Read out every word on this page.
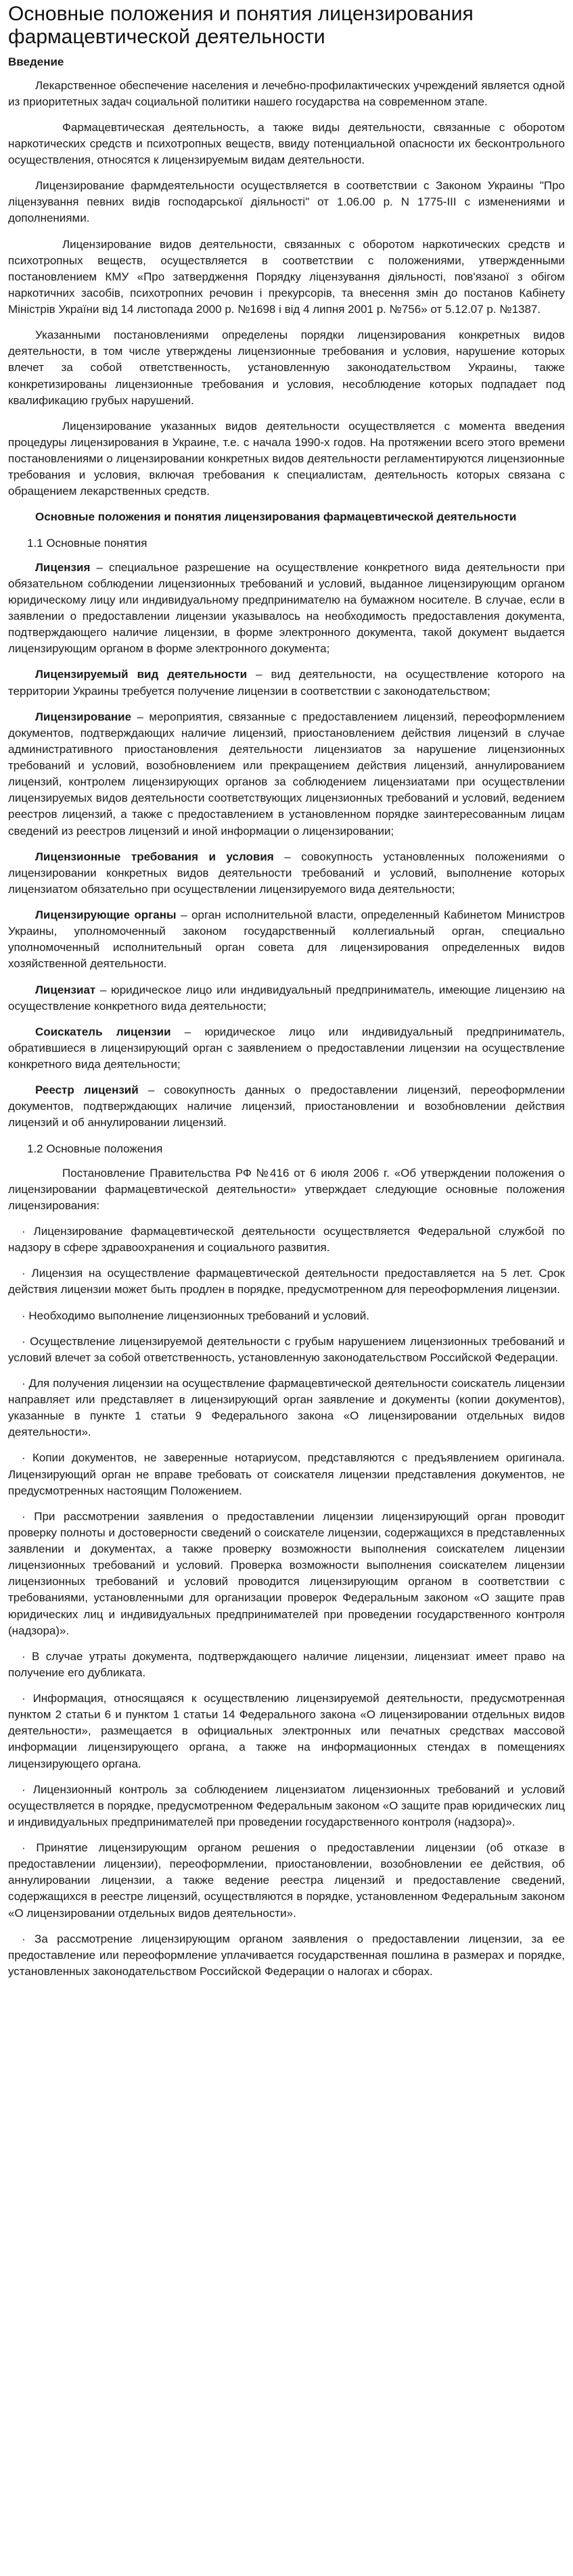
Основные положения и понятия лицензирования фармацевтической деятельности
Введение

Лекарственное обеспечение населения и лечебно-профилактических учреждений является одной из приоритетных задач социальной политики нашего государства на современном этапе.

Фармацевтическая деятельность, а также виды деятельности, связанные с оборотом наркотических средств и психотропных веществ, ввиду потенциальной опасности их бесконтрольного осуществления, относятся к лицензируемым видам деятельности.

Лицензирование фармдеятельности осуществляется в соответствии с Законом Украины "Про ліцензування певних видів господарської діяльності" от 1.06.00 р. N 1775-ІІІ с изменениями и дополнениями.

Лицензирование видов деятельности, связанных с оборотом наркотических средств и психотропных веществ, осуществляется в соответствии с положениями, утвержденными постановлением КМУ «Про затвердження Порядку ліцензування діяльності, пов'язаної з обігом наркотичних засобів, психотропних речовин і прекурсорів, та внесення змін до постанов Кабінету Міністрів України від 14 листопада 2000 р. №1698 і від 4 липня 2001 р. №756» от 5.12.07 р. №1387.

Указанными постановлениями определены порядки лицензирования конкретных видов деятельности, в том числе утверждены лицензионные требования и условия, нарушение которых влечет за собой ответственность, установленную законодательством Украины, также конкретизированы лицензионные требования и условия, несоблюдение которых подпадает под квалификацию грубых нарушений.

Лицензирование указанных видов деятельности осуществляется с момента введения процедуры лицензирования в Украине, т.е. с начала 1990-х годов. На протяжении всего этого времени постановлениями о лицензировании конкретных видов деятельности регламентируются лицензионные требования и условия, включая требования к специалистам, деятельность которых связана с обращением лекарственных средств.

Основные положения и понятия лицензирования фармацевтической деятельности

1.1 Основные понятия

Лицензия – специальное разрешение на осуществление конкретного вида деятельности при обязательном соблюдении лицензионных требований и условий, выданное лицензирующим органом юридическому лицу или индивидуальному предпринимателю на бумажном носителе. В случае, если в заявлении о предоставлении лицензии указывалось на необходимость предоставления документа, подтверждающего наличие лицензии, в форме электронного документа, такой документ выдается лицензирующим органом в форме электронного документа;

Лицензируемый вид деятельности – вид деятельности, на осуществление которого на территории Украины требуется получение лицензии в соответствии с законодательством;

Лицензирование – мероприятия, связанные с предоставлением лицензий, переоформлением документов, подтверждающих наличие лицензий, приостановлением действия лицензий в случае административного приостановления деятельности лицензиатов за нарушение лицензионных требований и условий, возобновлением или прекращением действия лицензий, аннулированием лицензий, контролем лицензирующих органов за соблюдением лицензиатами при осуществлении лицензируемых видов деятельности соответствующих лицензионных требований и условий, ведением реестров лицензий, а также с предоставлением в установленном порядке заинтересованным лицам сведений из реестров лицензий и иной информации о лицензировании;

Лицензионные требования и условия – совокупность установленных положениями о лицензировании конкретных видов деятельности требований и условий, выполнение которых лицензиатом обязательно при осуществлении лицензируемого вида деятельности;

Лицензирующие органы – орган исполнительной власти, определенный Кабинетом Министров Украины, уполномоченный законом государственный коллегиальный орган, специально уполномоченный исполнительный орган совета для лицензирования определенных видов хозяйственной деятельности.

Лицензиат – юридическое лицо или индивидуальный предприниматель, имеющие лицензию на осуществление конкретного вида деятельности;

Соискатель лицензии – юридическое лицо или индивидуальный предприниматель, обратившиеся в лицензирующий орган с заявлением о предоставлении лицензии на осуществление конкретного вида деятельности;

Реестр лицензий – совокупность данных о предоставлении лицензий, переоформлении документов, подтверждающих наличие лицензий, приостановлении и возобновлении действия лицензий и об аннулировании лицензий.

1.2 Основные положения

Постановление Правительства РФ №416 от 6 июля 2006 г. «Об утверждении положения о лицензировании фармацевтической деятельности» утверждает следующие основные положения лицензирования:

· Лицензирование фармацевтической деятельности осуществляется Федеральной службой по надзору в сфере здравоохранения и социального развития.

· Лицензия на осуществление фармацевтической деятельности предоставляется на 5 лет. Срок действия лицензии может быть продлен в порядке, предусмотренном для переоформления лицензии.

· Необходимо выполнение лицензионных требований и условий.

· Осуществление лицензируемой деятельности с грубым нарушением лицензионных требований и условий влечет за собой ответственность, установленную законодательством Российской Федерации.

· Для получения лицензии на осуществление фармацевтической деятельности соискатель лицензии направляет или представляет в лицензирующий орган заявление и документы (копии документов), указанные в пункте 1 статьи 9 Федерального закона «О лицензировании отдельных видов деятельности».

· Копии документов, не заверенные нотариусом, представляются с предъявлением оригинала. Лицензирующий орган не вправе требовать от соискателя лицензии представления документов, не предусмотренных настоящим Положением.

· При рассмотрении заявления о предоставлении лицензии лицензирующий орган проводит проверку полноты и достоверности сведений о соискателе лицензии, содержащихся в представленных заявлении и документах, а также проверку возможности выполнения соискателем лицензии лицензионных требований и условий. Проверка возможности выполнения соискателем лицензии лицензионных требований и условий проводится лицензирующим органом в соответствии с требованиями, установленными для организации проверок Федеральным законом «О защите прав юридических лиц и индивидуальных предпринимателей при проведении государственного контроля (надзора)».

· В случае утраты документа, подтверждающего наличие лицензии, лицензиат имеет право на получение его дубликата.

· Информация, относящаяся к осуществлению лицензируемой деятельности, предусмотренная пунктом 2 статьи 6 и пунктом 1 статьи 14 Федерального закона «О лицензировании отдельных видов деятельности», размещается в официальных электронных или печатных средствах массовой информации лицензирующего органа, а также на информационных стендах в помещениях лицензирующего органа.

· Лицензионный контроль за соблюдением лицензиатом лицензионных требований и условий осуществляется в порядке, предусмотренном Федеральным законом «О защите прав юридических лиц и индивидуальных предпринимателей при проведении государственного контроля (надзора)».

· Принятие лицензирующим органом решения о предоставлении лицензии (об отказе в предоставлении лицензии), переоформлении, приостановлении, возобновлении ее действия, об аннулировании лицензии, а также ведение реестра лицензий и предоставление сведений, содержащихся в реестре лицензий, осуществляются в порядке, установленном Федеральным законом «О лицензировании отдельных видов деятельности».

· За рассмотрение лицензирующим органом заявления о предоставлении лицензии, за ее предоставление или переоформление уплачивается государственная пошлина в размерах и порядке, установленных законодательством Российской Федерации о налогах и сборах.
